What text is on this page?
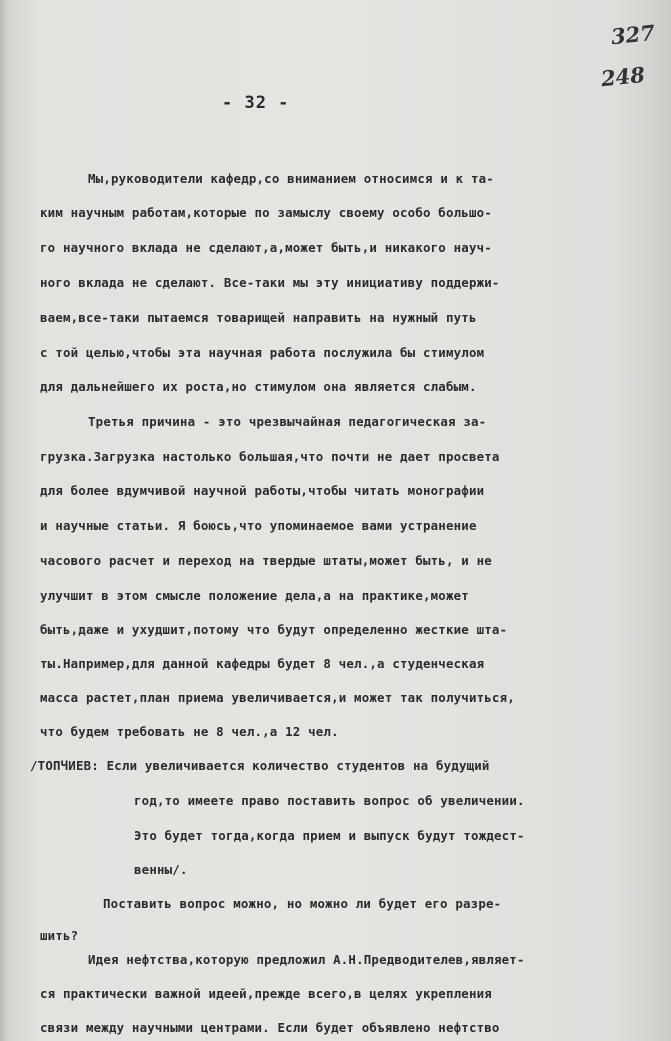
327
248
- 32 -
Мы,руководители кафедр,со вниманием относимся и к та-
ким научным работам,которые по замыслу своему особо большо-
го научного вклада не сделают,а,может быть,и никакого науч-
ного вклада не сделают. Все-таки мы эту инициативу поддержи-
ваем,все-таки пытаемся товарищей направить на нужный путь
с той целью,чтобы эта научная работа послужила бы стимулом
для дальнейшего их роста,но стимулом она является слабым.
Третья причина - это чрезвычайная педагогическая за-
грузка.Загрузка настолько большая,что почти не дает просвета
для более вдумчивой научной работы,чтобы читать монографии
и научные статьи. Я боюсь,что упоминаемое вами устранение
часового расчет и переход на твердые штаты,может быть, и не
улучшит в этом смысле положение дела,а на практике,может
быть,даже и ухудшит,потому что будут определенно жесткие шта-
ты.Например,для данной кафедры будет 8 чел.,а студенческая
масса растет,план приема увеличивается,и может так получиться,
что будем требовать не 8 чел.,а 12 чел.
/ТОПЧИЕВ: Если увеличивается количество студентов на будущий
год,то имеете право поставить вопрос об увеличении.
Это будет тогда,когда прием и выпуск будут тождест-
венны/.
Поставить вопрос можно, но можно ли будет его разре-
шить?
Идея нефтства,которую предложил А.Н.Предводителев,являет-
ся практически важной идеей,прежде всего,в целях укрепления
связи между научными центрами. Если будет объявлено нефтство
